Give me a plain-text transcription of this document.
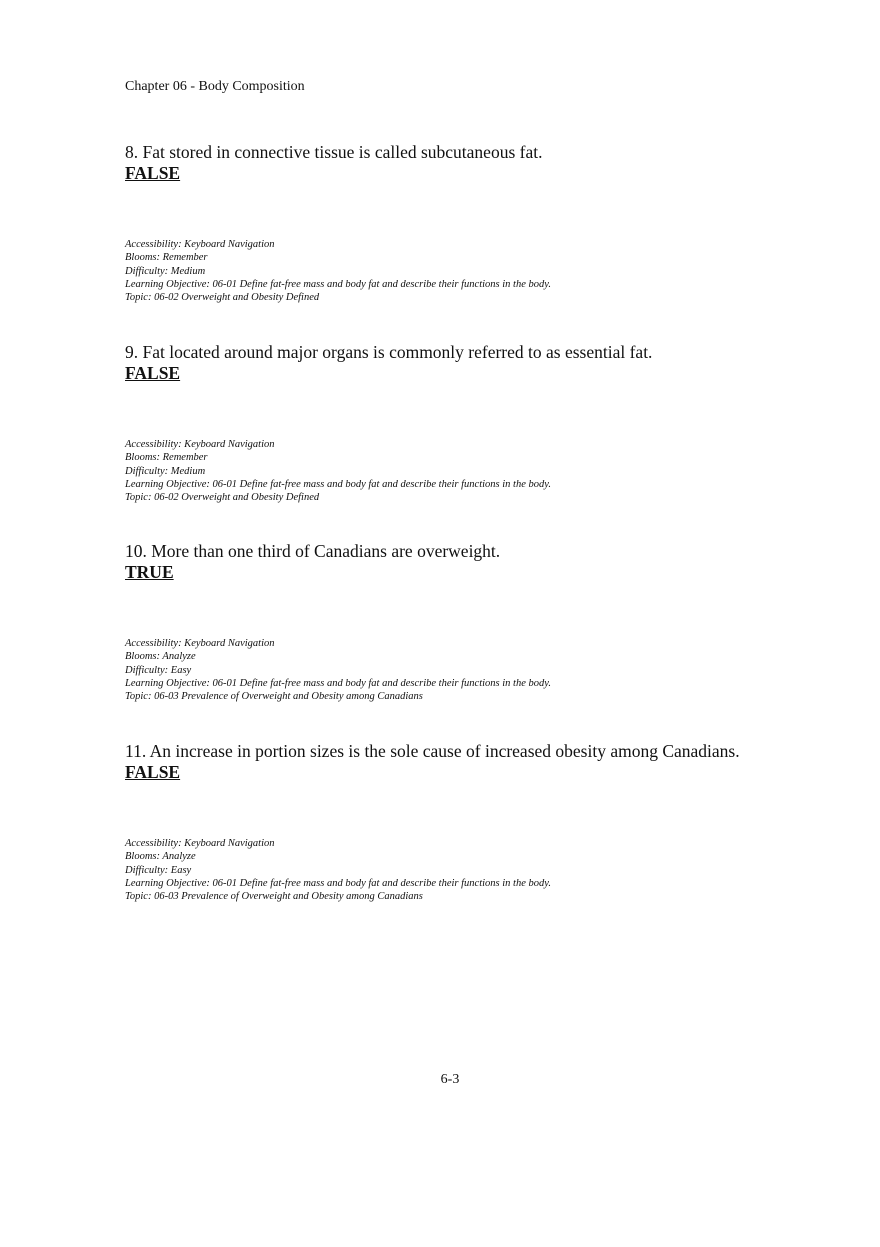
Chapter 06 - Body Composition
8. Fat stored in connective tissue is called subcutaneous fat.
FALSE
Accessibility: Keyboard Navigation
Blooms: Remember
Difficulty: Medium
Learning Objective: 06-01 Define fat-free mass and body fat and describe their functions in the body.
Topic: 06-02 Overweight and Obesity Defined
9. Fat located around major organs is commonly referred to as essential fat.
FALSE
Accessibility: Keyboard Navigation
Blooms: Remember
Difficulty: Medium
Learning Objective: 06-01 Define fat-free mass and body fat and describe their functions in the body.
Topic: 06-02 Overweight and Obesity Defined
10. More than one third of Canadians are overweight.
TRUE
Accessibility: Keyboard Navigation
Blooms: Analyze
Difficulty: Easy
Learning Objective: 06-01 Define fat-free mass and body fat and describe their functions in the body.
Topic: 06-03 Prevalence of Overweight and Obesity among Canadians
11. An increase in portion sizes is the sole cause of increased obesity among Canadians.
FALSE
Accessibility: Keyboard Navigation
Blooms: Analyze
Difficulty: Easy
Learning Objective: 06-01 Define fat-free mass and body fat and describe their functions in the body.
Topic: 06-03 Prevalence of Overweight and Obesity among Canadians
6-3
